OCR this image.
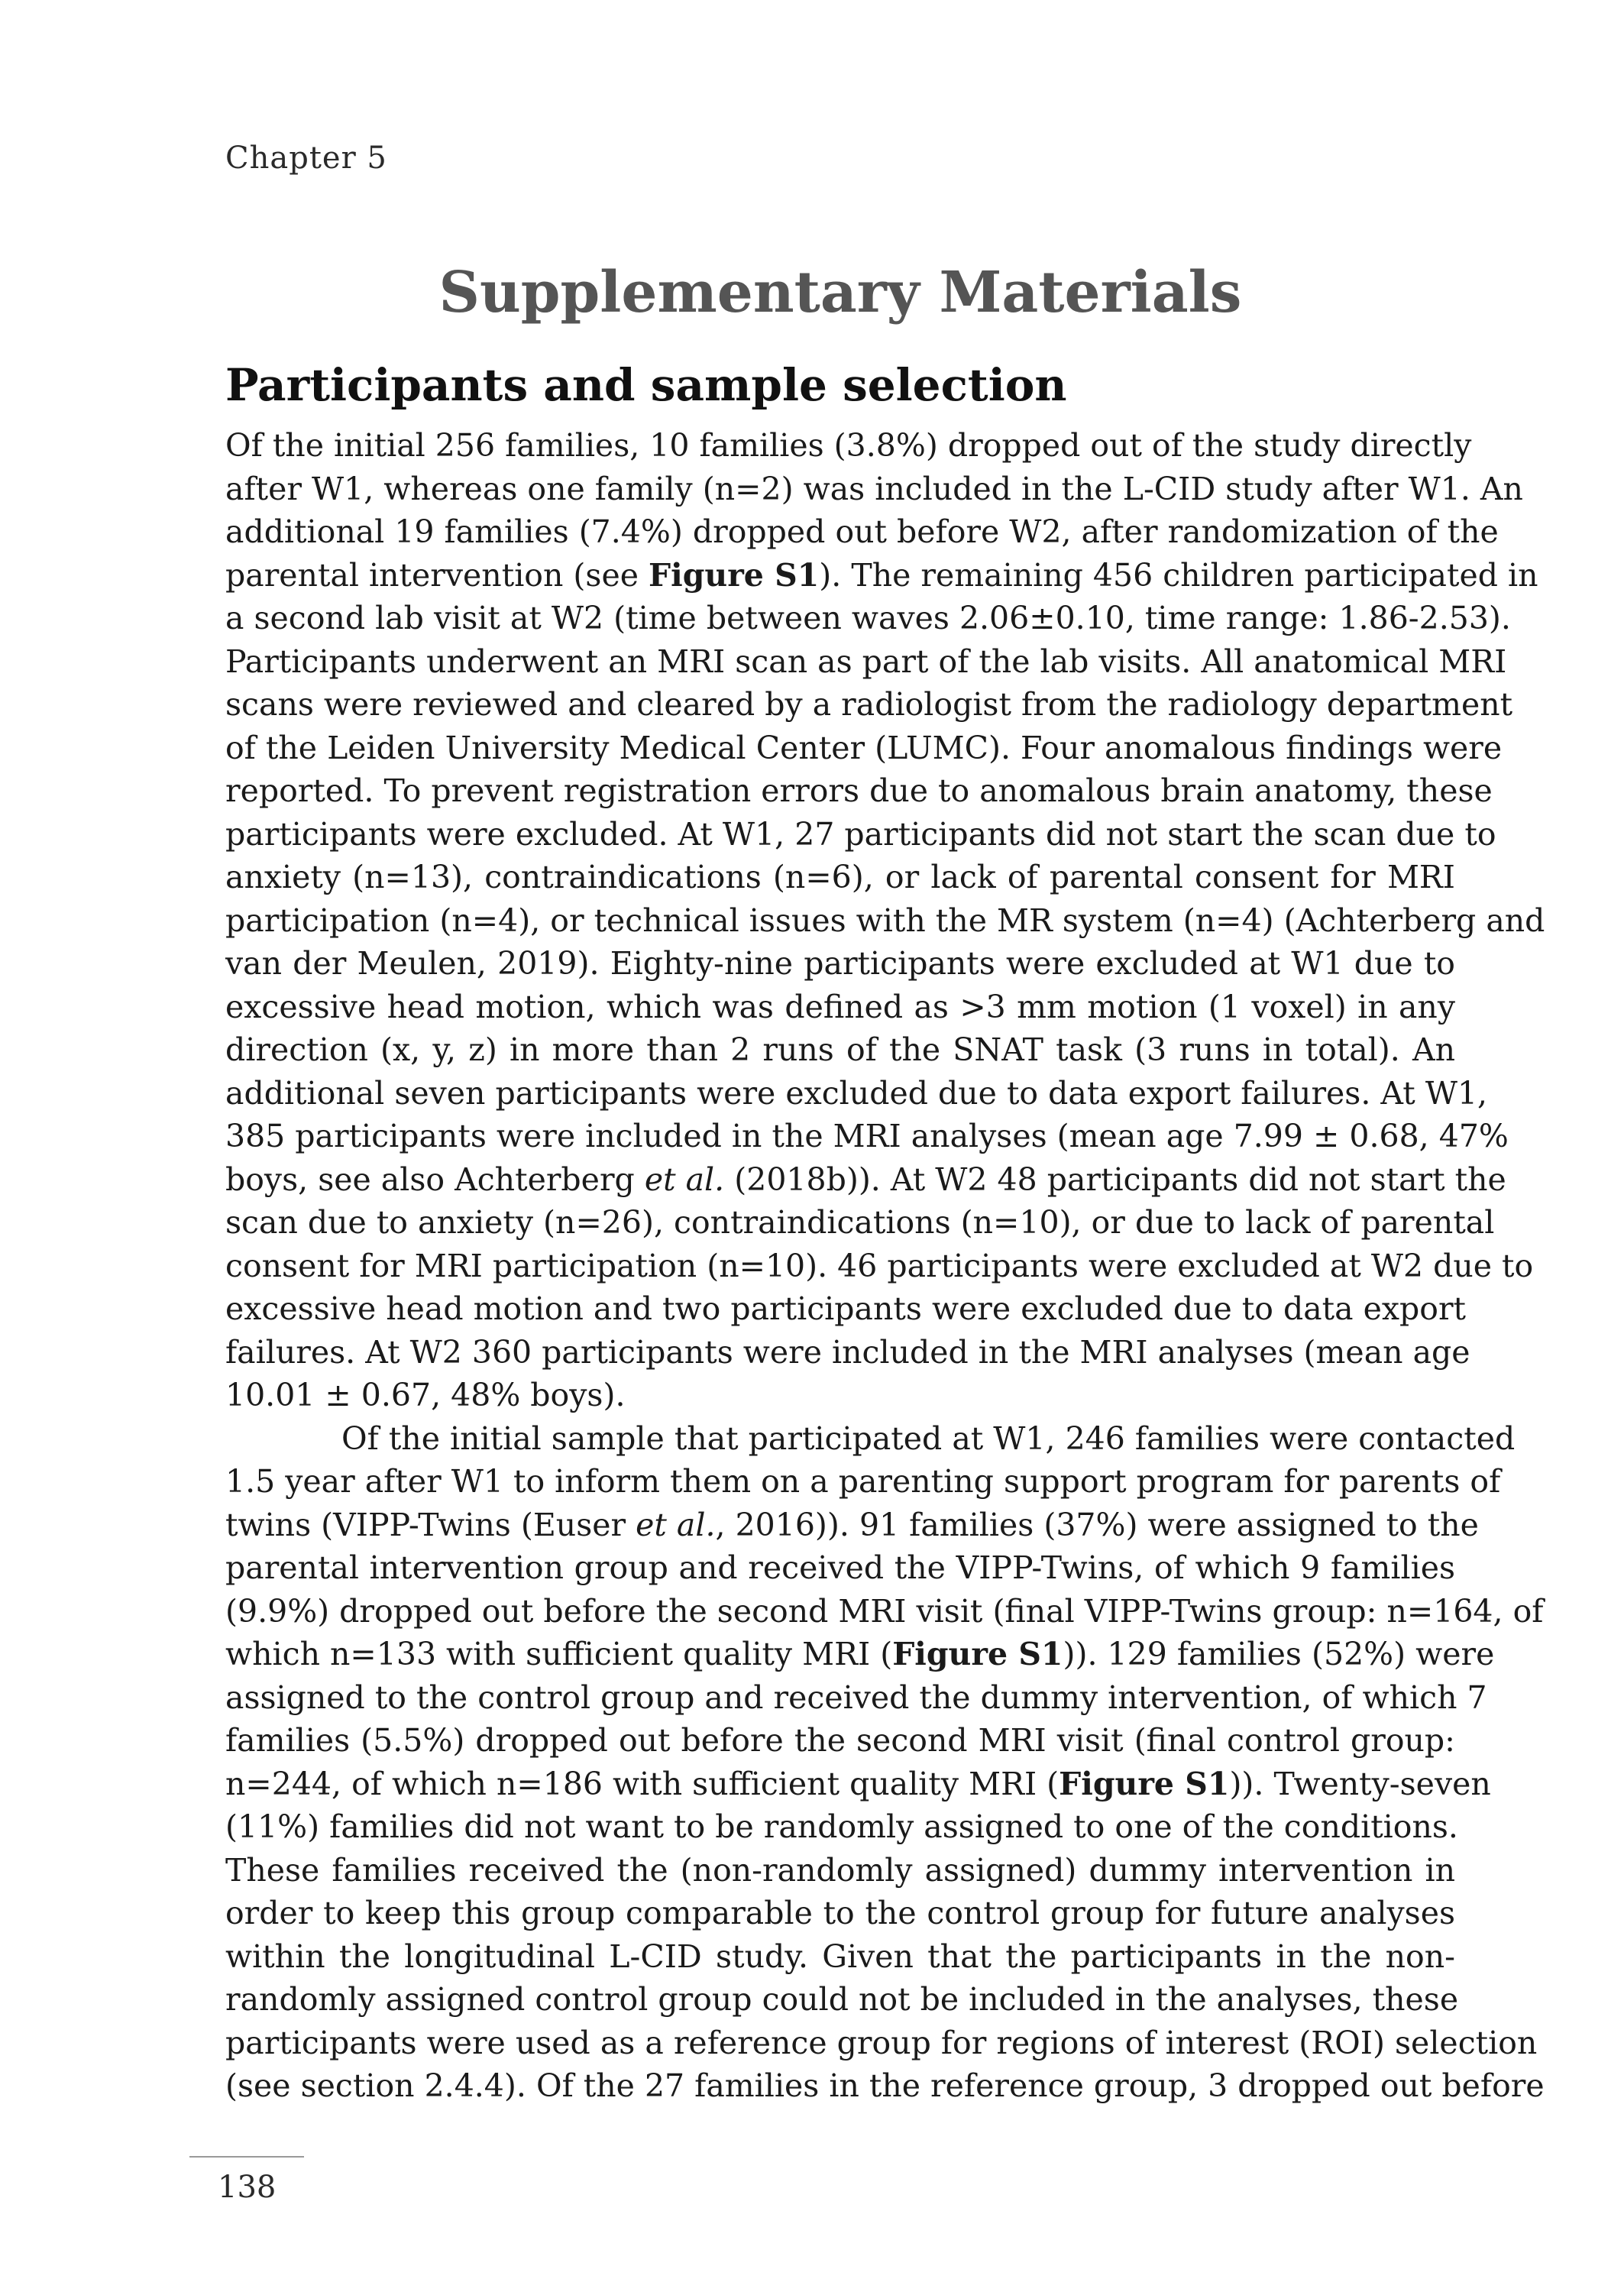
Chapter 5
Supplementary Materials
Participants and sample selection
Of the initial 256 families, 10 families (3.8%) dropped out of the study directly
after W1, whereas one family (n=2) was included in the L-CID study after W1. An
additional 19 families (7.4%) dropped out before W2, after randomization of the
parental intervention (see Figure S1). The remaining 456 children participated in
a second lab visit at W2 (time between waves 2.06±0.10, time range: 1.86-2.53).
Participants underwent an MRI scan as part of the lab visits. All anatomical MRI
scans were reviewed and cleared by a radiologist from the radiology department
of the Leiden University Medical Center (LUMC). Four anomalous findings were
reported. To prevent registration errors due to anomalous brain anatomy, these
participants were excluded. At W1, 27 participants did not start the scan due to
anxiety (n=13), contraindications (n=6), or lack of parental consent for MRI
participation (n=4), or technical issues with the MR system (n=4) (Achterberg and
van der Meulen, 2019). Eighty-nine participants were excluded at W1 due to
excessive head motion, which was defined as >3 mm motion (1 voxel) in any
direction (x, y, z) in more than 2 runs of the SNAT task (3 runs in total). An
additional seven participants were excluded due to data export failures. At W1,
385 participants were included in the MRI analyses (mean age 7.99 ± 0.68, 47%
boys, see also Achterberg et al. (2018b)). At W2 48 participants did not start the
scan due to anxiety (n=26), contraindications (n=10), or due to lack of parental
consent for MRI participation (n=10). 46 participants were excluded at W2 due to
excessive head motion and two participants were excluded due to data export
failures. At W2 360 participants were included in the MRI analyses (mean age
10.01 ± 0.67, 48% boys).
Of the initial sample that participated at W1, 246 families were contacted
1.5 year after W1 to inform them on a parenting support program for parents of
twins (VIPP-Twins (Euser et al., 2016)). 91 families (37%) were assigned to the
parental intervention group and received the VIPP-Twins, of which 9 families
(9.9%) dropped out before the second MRI visit (final VIPP-Twins group: n=164, of
which n=133 with sufficient quality MRI (Figure S1)). 129 families (52%) were
assigned to the control group and received the dummy intervention, of which 7
families (5.5%) dropped out before the second MRI visit (final control group:
n=244, of which n=186 with sufficient quality MRI (Figure S1)). Twenty-seven
(11%) families did not want to be randomly assigned to one of the conditions.
These families received the (non-randomly assigned) dummy intervention in
order to keep this group comparable to the control group for future analyses
within the longitudinal L-CID study. Given that the participants in the non-
randomly assigned control group could not be included in the analyses, these
participants were used as a reference group for regions of interest (ROI) selection
(see section 2.4.4). Of the 27 families in the reference group, 3 dropped out before
138
